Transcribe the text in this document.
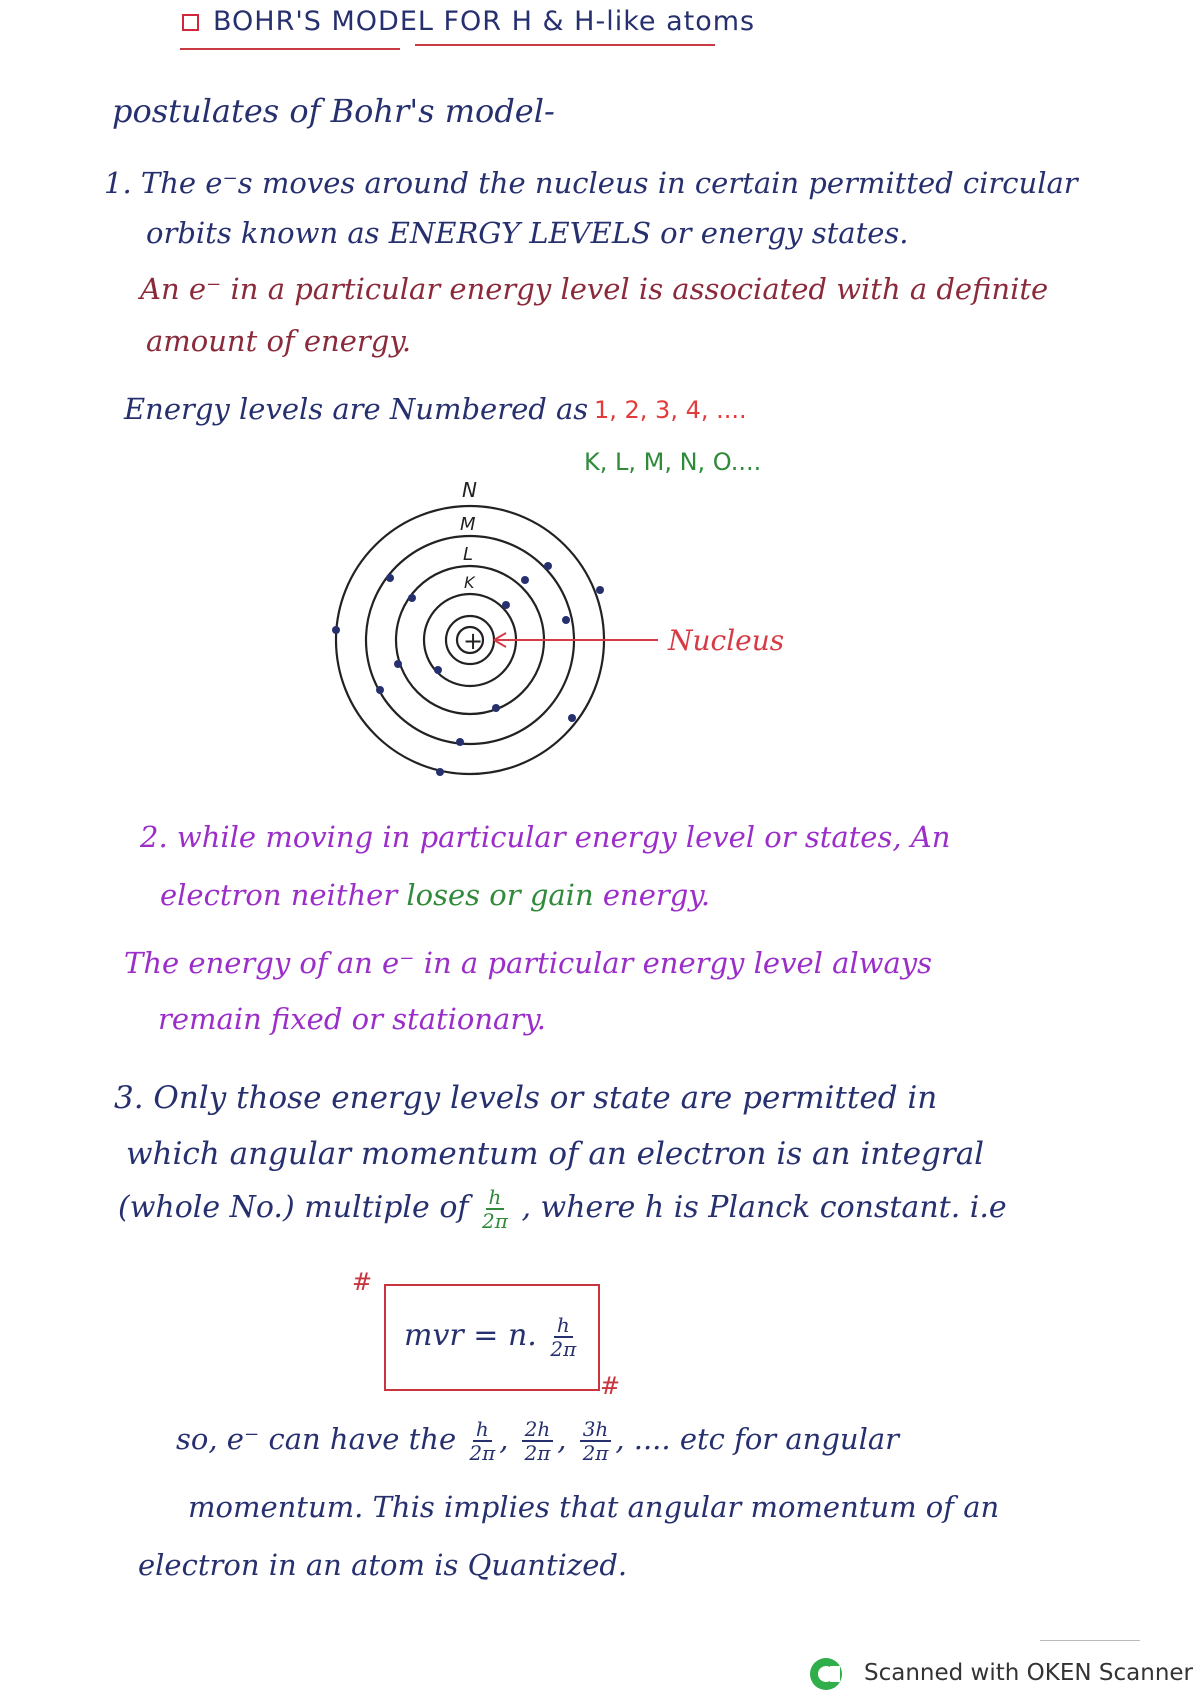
BOHR'S MODEL FOR H & H-like atoms
postulates of Bohr's model-
1. The e⁻s moves around the nucleus in certain permitted circular
orbits known as ENERGY LEVELS or energy states.
An e⁻ in a particular energy level is associated with a definite
amount of energy.
Energy levels are Numbered as 1, 2, 3, 4, ....
K, L, M, N, O....
+
N
M
L
K
Nucleus
2. while moving in particular energy level or states, An
electron neither loses or gain energy.
The energy of an e⁻ in a particular energy level always
remain fixed or stationary.
3. Only those energy levels or state are permitted in
which angular momentum of an electron is an integral
(whole No.) multiple of $\frac{h}{2\pi}$ , where h is Planck constant. i.e
#
mvr = n. $\frac{h}{2\pi}$
#
so, e⁻ can have the $\frac{h}{2\pi}$ , $\frac{2h}{2\pi}$ , $\frac{3h}{2\pi}$ , .... etc for angular
momentum. This implies that angular momentum of an
electron in an atom is Quantized.
Scanned with OKEN Scanner
